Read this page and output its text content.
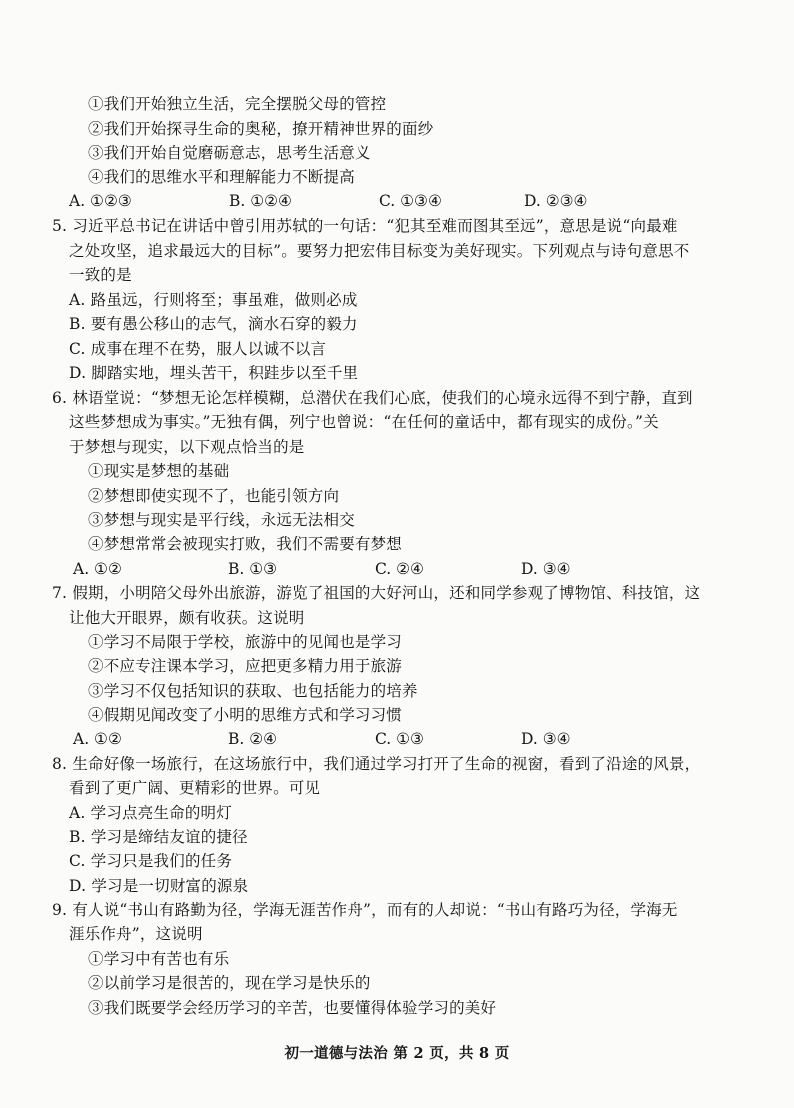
①我们开始独立生活，完全摆脱父母的管控
②我们开始探寻生命的奥秘，撩开精神世界的面纱
③我们开始自觉磨砺意志，思考生活意义
④我们的思维水平和理解能力不断提高
A. ①②③	B. ①②④	C. ①③④	D. ②③④
5. 习近平总书记在讲话中曾引用苏轼的一句话：“犯其至难而图其至远”，意思是说“向最难
之处攻坚，追求最远大的目标”。要努力把宏伟目标变为美好现实。下列观点与诗句意思不
一致的是
A. 路虽远，行则将至；事虽难，做则必成
B. 要有愚公移山的志气，滴水石穿的毅力
C. 成事在理不在势，服人以诚不以言
D. 脚踏实地，埋头苦干，积跬步以至千里
6. 林语堂说：“梦想无论怎样模糊，总潜伏在我们心底，使我们的心境永远得不到宁静，直到
这些梦想成为事实。”无独有偶，列宁也曾说：“在任何的童话中，都有现实的成份。”关
于梦想与现实，以下观点恰当的是
①现实是梦想的基础
②梦想即使实现不了，也能引领方向
③梦想与现实是平行线，永远无法相交
④梦想常常会被现实打败，我们不需要有梦想
A. ①②	B. ①③	C. ②④	D. ③④
7. 假期，小明陪父母外出旅游，游览了祖国的大好河山，还和同学参观了博物馆、科技馆，这
让他大开眼界，颇有收获。这说明
①学习不局限于学校，旅游中的见闻也是学习
②不应专注课本学习，应把更多精力用于旅游
③学习不仅包括知识的获取、也包括能力的培养
④假期见闻改变了小明的思维方式和学习习惯
A. ①②	B. ②④	C. ①③	D. ③④
8. 生命好像一场旅行，在这场旅行中，我们通过学习打开了生命的视窗，看到了沿途的风景，
看到了更广阔、更精彩的世界。可见
A. 学习点亮生命的明灯
B. 学习是缔结友谊的捷径
C. 学习只是我们的任务
D. 学习是一切财富的源泉
9. 有人说“书山有路勤为径，学海无涯苦作舟”，而有的人却说：“书山有路巧为径，学海无
涯乐作舟”，这说明
①学习中有苦也有乐
②以前学习是很苦的，现在学习是快乐的
③我们既要学会经历学习的辛苦，也要懂得体验学习的美好
初一道德与法治 第 2 页，共 8 页
